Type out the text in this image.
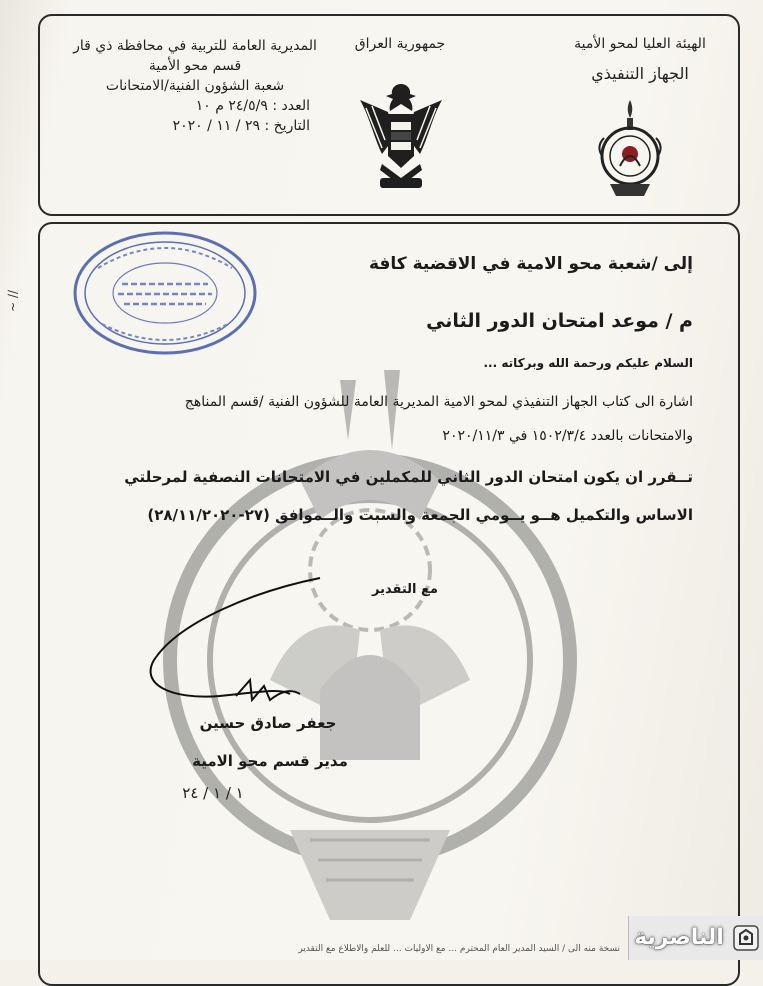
المديرية العامة للتربية في محافظة ذي قار
قسم محو الأمية
شعبة الشؤون الفنية/الامتحانات
العدد : ٢٤/٥/٩ م ١٠
التاريخ : ٢٩ / ١١ / ٢٠٢٠
جمهورية العراق	الهيئة العليا لمحو الأمية
الجهاز التنفيذي
إلى /شعبة محو الامية في الاقضية كافة
م / موعد امتحان الدور الثاني
السلام عليكم ورحمة الله وبركاته ...
اشارة الى كتاب الجهاز التنفيذي لمحو الامية المديرية العامة للشؤون الفنية /قسم المناهج
والامتحانات بالعدد ١٥٠٢/٣/٤ في ٢٠٢٠/١١/٣
تــقرر ان يكون امتحان الدور الثاني للمكملين في الامتحانات النصفية لمرحلتي
الاساس والتكميل هــو يــومي الجمعة والسبت والــموافق (٢٧-٢٨/١١/٢٠٢٠)
مع التقدير
جعفر صادق حسين
مدير قسم محو الامية
١ / ١ / ٢٤
نسخة منه الى / السيد المدير العام المحترم ... مع الاوليات ... للعلم والاطلاع مع التقدير
// ~
الناصرية
